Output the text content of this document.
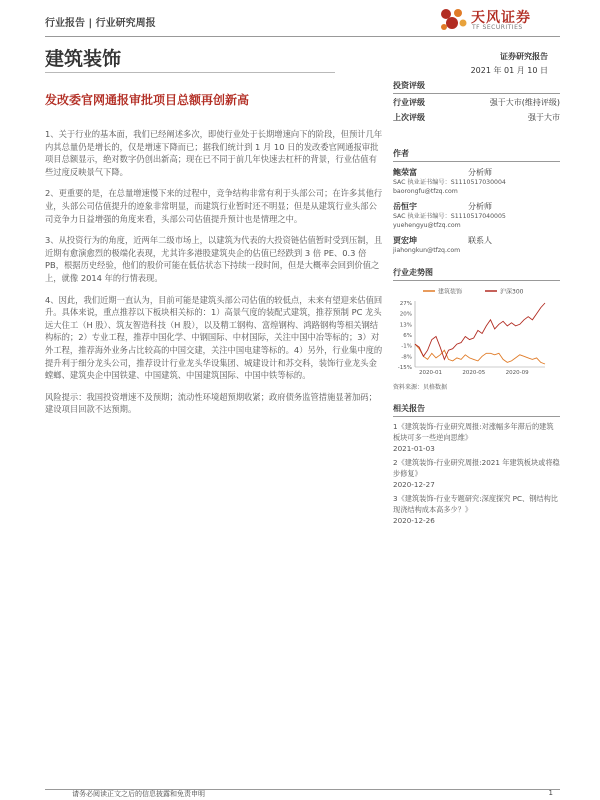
行业报告 | 行业研究周报	天风证券
TF SECURITIES
建筑装饰	证券研究报告
2021 年 01 月 10 日
发改委官网通报审批项目总额再创新高

1、关于行业的基本面，我们已经阐述多次，即使行业处于长期增速向下的阶段，但预计几年内其总量仍是增长的，仅是增速下降而已；据我们统计到 1 月 10 日的发改委官网通报审批项目总额显示，绝对数字仍创出新高；现在已不同于前几年快速去杠杆的背景，行业估值有些过度反映景气下降。

2、更重要的是，在总量增速慢下来的过程中，竞争结构非常有利于头部公司；在许多其他行业，头部公司估值提升的迹象非常明显，而建筑行业暂时还不明显；但是从建筑行业头部公司竞争力日益增强的角度来看，头部公司估值提升预计也是情理之中。

3、从投资行为的角度，近两年二级市场上，以建筑为代表的大投资链估值暂时受到压制，且近期有愈演愈烈的极端化表现，尤其许多港股建筑央企的估值已经跌到 3 倍 PE、0.3 倍 PB，根据历史经验，他们的股价可能在低估状态下持续一段时间，但是大概率会回到价值之上，就像 2014 年的行情表现。

4、因此，我们近期一直认为，目前可能是建筑头部公司估值的较低点，未来有望迎来估值回升。具体来说，重点推荐以下板块相关标的：1）高景气度的装配式建筑，推荐预制 PC 龙头远大住工（H 股）、筑友智造科技（H 股），以及精工钢构、富煌钢构、鸿路钢构等相关钢结构标的；2）专业工程，推荐中国化学、中钢国际、中材国际，关注中国中冶等标的；3）对外工程，推荐海外业务占比较高的中国交建，关注中国电建等标的。4）另外，行业集中度的提升利于细分龙头公司，推荐设计行业龙头华设集团、城建设计和苏交科，装饰行业龙头金螳螂、建筑央企中国铁建、中国建筑、中国建筑国际、中国中铁等标的。

风险提示：我国投资增速不及预期；流动性环境超预期收紧；政府债务监管措施显著加码；建设项目回款不达预期。

投资评级
行业评级	强于大市(维持评级)
上次评级	强于大市
作者
鲍荣富	分析师
SAC 执业证书编号：S1110517030004
baorongfu@tfzq.com
岳恒宇	分析师
SAC 执业证书编号：S1110517040005
yuehengyu@tfzq.com
贾宏坤	联系人
jiahongkun@tfzq.com
行业走势图
建筑装饰	沪深300
27%
20%
13%
6%
-1%
-8%
-15%
2020-01	2020-05	2020-09
资料来源：贝格数据
相关报告
1《建筑装饰-行业研究周报:对涨幅多年滞后的建筑板块可多一些逆向思维》
2021-01-03
2《建筑装饰-行业研究周报:2021 年建筑板块或将稳步修复》
2020-12-27
3《建筑装饰-行业专题研究:深度探究 PC、钢结构比现浇结构成本高多少？》
2020-12-26
请务必阅读正文之后的信息披露和免责申明	1
